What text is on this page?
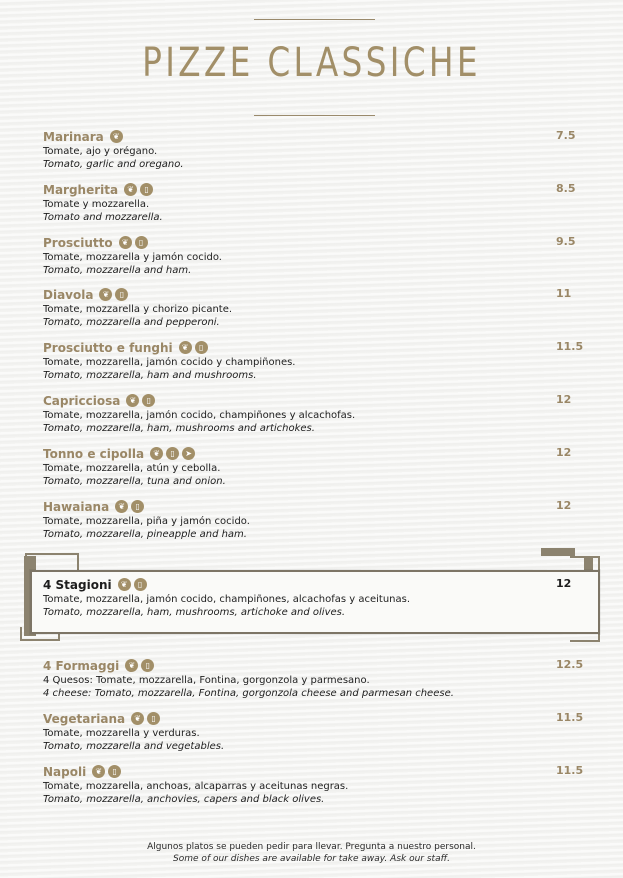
PIZZE CLASSICHE
Marinara	❦	7.5
Tomate, ajo y orégano.
Tomato, garlic and oregano.
Margherita	❦	▯	8.5
Tomate y mozzarella.
Tomato and mozzarella.
Prosciutto	❦	▯	9.5
Tomate, mozzarella y jamón cocido.
Tomato, mozzarella and ham.
Diavola	❦	▯	11
Tomate, mozzarella y chorizo picante.
Tomato, mozzarella and pepperoni.
Prosciutto e funghi	❦	▯	11.5
Tomate, mozzarella, jamón cocido y champiñones.
Tomato, mozzarella, ham and mushrooms.
Capricciosa	❦	▯	12
Tomate, mozzarella, jamón cocido, champiñones y alcachofas.
Tomato, mozzarella, ham, mushrooms and artichokes.
Tonno e cipolla	❦	▯	➤	12
Tomate, mozzarella, atún y cebolla.
Tomato, mozzarella, tuna and onion.
Hawaiana	❦	▯	12
Tomate, mozzarella, piña y jamón cocido.
Tomato, mozzarella, pineapple and ham.
4 Stagioni	❦	▯	12
Tomate, mozzarella, jamón cocido, champiñones, alcachofas y aceitunas.
Tomato, mozzarella, ham, mushrooms, artichoke and olives.
4 Formaggi	❦	▯	12.5
4 Quesos: Tomate, mozzarella, Fontina, gorgonzola y parmesano.
4 cheese: Tomato, mozzarella, Fontina, gorgonzola cheese and parmesan cheese.
Vegetariana	❦	▯	11.5
Tomate, mozzarella y verduras.
Tomato, mozzarella and vegetables.
Napoli	❦	▯	11.5
Tomate, mozzarella, anchoas, alcaparras y aceitunas negras.
Tomato, mozzarella, anchovies, capers and black olives.
Algunos platos se pueden pedir para llevar. Pregunta a nuestro personal.
Some of our dishes are available for take away. Ask our staff.
